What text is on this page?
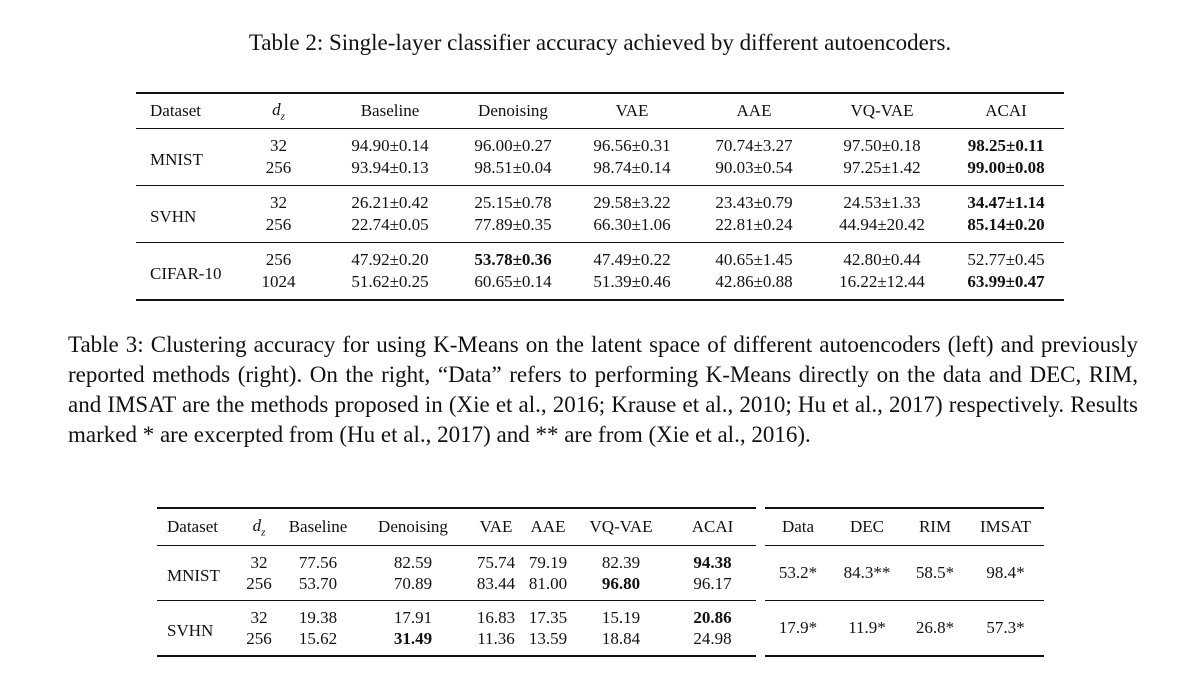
Table 2: Single-layer classifier accuracy achieved by different autoencoders.
Dataset	$d_z$	Baseline	Denoising	VAE	AAE	VQ-VAE	ACAI
MNIST	32	94.90±0.14	96.00±0.27	96.56±0.31	70.74±3.27	97.50±0.18	98.25±0.11
	256	93.94±0.13	98.51±0.04	98.74±0.14	90.03±0.54	97.25±1.42	99.00±0.08
SVHN	32	26.21±0.42	25.15±0.78	29.58±3.22	23.43±0.79	24.53±1.33	34.47±1.14
	256	22.74±0.05	77.89±0.35	66.30±1.06	22.81±0.24	44.94±20.42	85.14±0.20
CIFAR-10	256	47.92±0.20	53.78±0.36	47.49±0.22	40.65±1.45	42.80±0.44	52.77±0.45
	1024	51.62±0.25	60.65±0.14	51.39±0.46	42.86±0.88	16.22±12.44	63.99±0.47
Table 3: Clustering accuracy for using K-Means on the latent space of different autoencoders (left) and previously reported methods (right). On the right, “Data” refers to performing K-Means directly on the data and DEC, RIM, and IMSAT are the methods proposed in (Xie et al., 2016; Krause et al., 2010; Hu et al., 2017) respectively. Results marked * are excerpted from (Hu et al., 2017) and ** are from (Xie et al., 2016).
Dataset	$d_z$	Baseline	Denoising	VAE	AAE	VQ-VAE	ACAI
MNIST	32	77.56	82.59	75.74	79.19	82.39	94.38
	256	53.70	70.89	83.44	81.00	96.80	96.17
SVHN	32	19.38	17.91	16.83	17.35	15.19	20.86
	256	15.62	31.49	11.36	13.59	18.84	24.98
Data	DEC	RIM	IMSAT
53.2*	84.3**	58.5*	98.4*
17.9*	11.9*	26.8*	57.3*
